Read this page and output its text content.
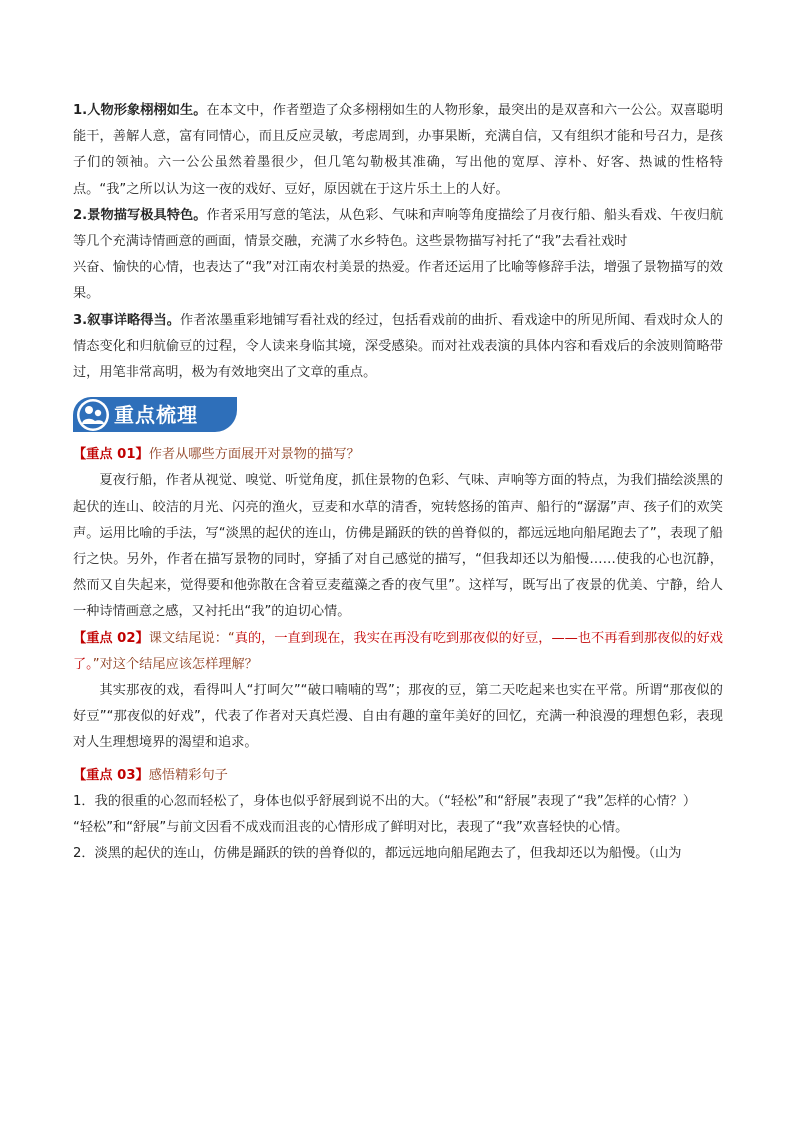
1.人物形象栩栩如生。在本文中，作者塑造了众多栩栩如生的人物形象，最突出的是双喜和六一公公。双喜聪明能干，善解人意，富有同情心，而且反应灵敏，考虑周到，办事果断，充满自信，又有组织才能和号召力，是孩子们的领袖。六一公公虽然着墨很少，但几笔勾勒极其准确，写出他的宽厚、淳朴、好客、热诚的性格特点。“我”之所以认为这一夜的戏好、豆好，原因就在于这片乐土上的人好。

2.景物描写极具特色。作者采用写意的笔法，从色彩、气味和声响等角度描绘了月夜行船、船头看戏、午夜归航等几个充满诗情画意的画面，情景交融，充满了水乡特色。这些景物描写衬托了“我”去看社戏时

兴奋、愉快的心情，也表达了“我”对江南农村美景的热爱。作者还运用了比喻等修辞手法，增强了景物描写的效果。

3.叙事详略得当。作者浓墨重彩地铺写看社戏的经过，包括看戏前的曲折、看戏途中的所见所闻、看戏时众人的情态变化和归航偷豆的过程，令人读来身临其境，深受感染。而对社戏表演的具体内容和看戏后的余波则简略带过，用笔非常高明，极为有效地突出了文章的重点。

重点梳理

【重点 01】作者从哪些方面展开对景物的描写？

夏夜行船，作者从视觉、嗅觉、听觉角度，抓住景物的色彩、气味、声响等方面的特点，为我们描绘淡黑的起伏的连山、皎洁的月光、闪亮的渔火，豆麦和水草的清香，宛转悠扬的笛声、船行的“潺潺”声、孩子们的欢笑声。运用比喻的手法，写“淡黑的起伏的连山，仿佛是踊跃的铁的兽脊似的，都远远地向船尾跑去了”，表现了船行之快。另外，作者在描写景物的同时，穿插了对自己感觉的描写，“但我却还以为船慢……使我的心也沉静，然而又自失起来，觉得要和他弥散在含着豆麦蕴藻之香的夜气里”。这样写，既写出了夜景的优美、宁静，给人一种诗情画意之感，又衬托出“我”的迫切心情。

【重点 02】课文结尾说：“真的，一直到现在，我实在再没有吃到那夜似的好豆，——也不再看到那夜似的好戏了。”对这个结尾应该怎样理解？

其实那夜的戏，看得叫人“打呵欠”“破口喃喃的骂”；那夜的豆，第二天吃起来也实在平常。所谓“那夜似的好豆”“那夜似的好戏”，代表了作者对天真烂漫、自由有趣的童年美好的回忆，充满一种浪漫的理想色彩，表现对人生理想境界的渴望和追求。

【重点 03】感悟精彩句子

1．我的很重的心忽而轻松了，身体也似乎舒展到说不出的大。（“轻松”和“舒展”表现了“我”怎样的心情？）

“轻松”和“舒展”与前文因看不成戏而沮丧的心情形成了鲜明对比，表现了“我”欢喜轻快的心情。

2．淡黑的起伏的连山，仿佛是踊跃的铁的兽脊似的，都远远地向船尾跑去了，但我却还以为船慢。（山为
